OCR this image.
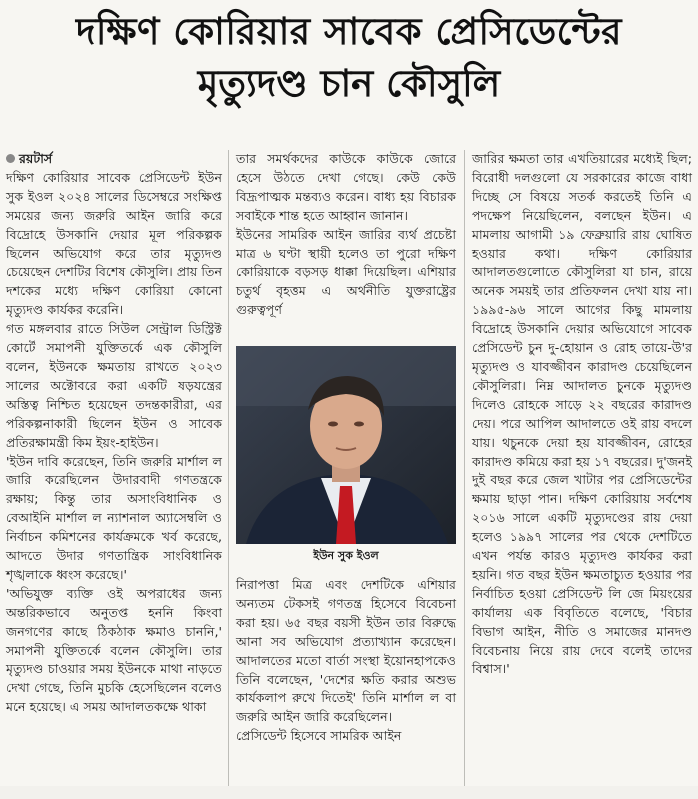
দক্ষিণ কোরিয়ার সাবেক প্রেসিডেন্টের
মৃত্যুদণ্ড চান কৌসুলি

রয়টার্স

দক্ষিণ কোরিয়ার সাবেক প্রেসিডেন্ট ইউন সুক ইওল ২০২৪ সালের ডিসেম্বরে সংক্ষিপ্ত সময়ের জন্য জরুরি আইন জারি করে বিদ্রোহে উসকানি দেয়ার মূল পরিকল্পক ছিলেন অভিযোগ করে তার মৃত্যুদণ্ড চেয়েছেন দেশটির বিশেষ কৌসুলি। প্রায় তিন দশকের মধ্যে দক্ষিণ কোরিয়া কোনো মৃত্যুদণ্ড কার্যকর করেনি।

গত মঙ্গলবার রাতে সিউল সেন্ট্রাল ডিস্ট্রিক্ট কোর্টে সমাপনী যুক্তিতর্কে এক কৌসুলি বলেন, ইউনকে ক্ষমতায় রাখতে ২০২৩ সালের অক্টোবরে করা একটি ষড়যন্ত্রের অস্তিত্ব নিশ্চিত হয়েছেন তদন্তকারীরা, এর পরিকল্পনাকারী ছিলেন ইউন ও সাবেক প্রতিরক্ষামন্ত্রী কিম ইয়ং-হাইউন।

'ইউন দাবি করেছেন, তিনি জরুরি মার্শাল ল জারি করেছিলেন উদারবাদী গণতন্ত্রকে রক্ষায়; কিন্তু তার অসাংবিধানিক ও বেআইনি মার্শাল ল ন্যাশনাল অ্যাসেম্বলি ও নির্বাচন কমিশনের কার্যক্রমকে খর্ব করেছে, আদতে উদার গণতান্ত্রিক সাংবিধানিক শৃঙ্খলাকে ধ্বংস করেছে।'

'অভিযুক্ত ব্যক্তি ওই অপরাধের জন্য অন্তরিকভাবে অনুতপ্ত হননি কিংবা জনগণের কাছে ঠিকঠাক ক্ষমাও চাননি,' সমাপনী যুক্তিতর্কে বলেন কৌসুলি। তার মৃত্যুদণ্ড চাওয়ার সময় ইউনকে মাথা নাড়তে দেখা গেছে, তিনি মুচকি হেসেছিলেন বলেও মনে হয়েছে। এ সময় আদালতকক্ষে থাকা

তার সমর্থকদের কাউকে কাউকে জোরে হেসে উঠতে দেখা গেছে। কেউ কেউ বিদ্রূপাত্মক মন্তব্যও করেন। বাধ্য হয় বিচারক সবাইকে শান্ত হতে আহ্বান জানান।

ইউনের সামরিক আইন জারির ব্যর্থ প্রচেষ্টা মাত্র ৬ ঘণ্টা স্থায়ী হলেও তা পুরো দক্ষিণ কোরিয়াকে বড়সড় ধাক্কা দিয়েছিল। এশিয়ার চতুর্থ বৃহত্তম এ অর্থনীতি যুক্তরাষ্ট্রের গুরুত্বপূর্ণ

ইউন সুক ইওল

নিরাপত্তা মিত্র এবং দেশটিকে এশিয়ার অন্যতম টেকসই গণতন্ত্র হিসেবে বিবেচনা করা হয়। ৬৫ বছর বয়সী ইউন তার বিরুদ্ধে আনা সব অভিযোগ প্রত্যাখ্যান করেছেন। আদালতের মতো বার্তা সংস্থা ইয়োনহাপকেও তিনি বলেছেন, 'দেশের ক্ষতি করার অশুভ কার্যকলাপ রুখে দিতেই' তিনি মার্শাল ল বা জরুরি আইন জারি করেছিলেন।

প্রেসিডেন্ট হিসেবে সামরিক আইন

জারির ক্ষমতা তার এখতিয়ারের মধ্যেই ছিল; বিরোধী দলগুলো যে সরকারের কাজে বাধা দিচ্ছে সে বিষয়ে সতর্ক করতেই তিনি এ পদক্ষেপ নিয়েছিলেন, বলছেন ইউন। এ মামলায় আগামী ১৯ ফেব্রুয়ারি রায় ঘোষিত হওয়ার কথা। দক্ষিণ কোরিয়ার আদালতগুলোতে কৌসুলিরা যা চান, রায়ে অনেক সময়ই তার প্রতিফলন দেখা যায় না। ১৯৯৫-৯৬ সালে আগের কিছু মামলায় বিদ্রোহে উসকানি দেয়ার অভিযোগে সাবেক প্রেসিডেন্ট চুন দু-হোয়ান ও রোহ তায়ে-উ'র মৃত্যুদণ্ড ও যাবজ্জীবন কারাদণ্ড চেয়েছিলেন কৌসুলিরা। নিম্ন আদালত চুনকে মৃত্যুদণ্ড দিলেও রোহকে সাড়ে ২২ বছরের কারাদণ্ড দেয়। পরে আপিল আদালতে ওই রায় বদলে যায়। থচুনকে দেয়া হয় যাবজ্জীবন, রোহের কারাদণ্ড কমিয়ে করা হয় ১৭ বছরের। দু'জনই দুই বছর করে জেল খাটার পর প্রেসিডেন্টের ক্ষমায় ছাড়া পান। দক্ষিণ কোরিয়ায় সর্বশেষ ২০১৬ সালে একটি মৃত্যুদণ্ডের রায় দেয়া হলেও ১৯৯৭ সালের পর থেকে দেশটিতে এখন পর্যন্ত কারও মৃত্যুদণ্ড কার্যকর করা হয়নি। গত বছর ইউন ক্ষমতাচ্যুত হওয়ার পর নির্বাচিত হওয়া প্রেসিডেন্ট লি জে মিয়ংয়ের কার্যালয় এক বিবৃতিতে বলেছে, 'বিচার বিভাগ আইন, নীতি ও সমাজের মানদণ্ড বিবেচনায় নিয়ে রায় দেবে বলেই তাদের বিশ্বাস।'
